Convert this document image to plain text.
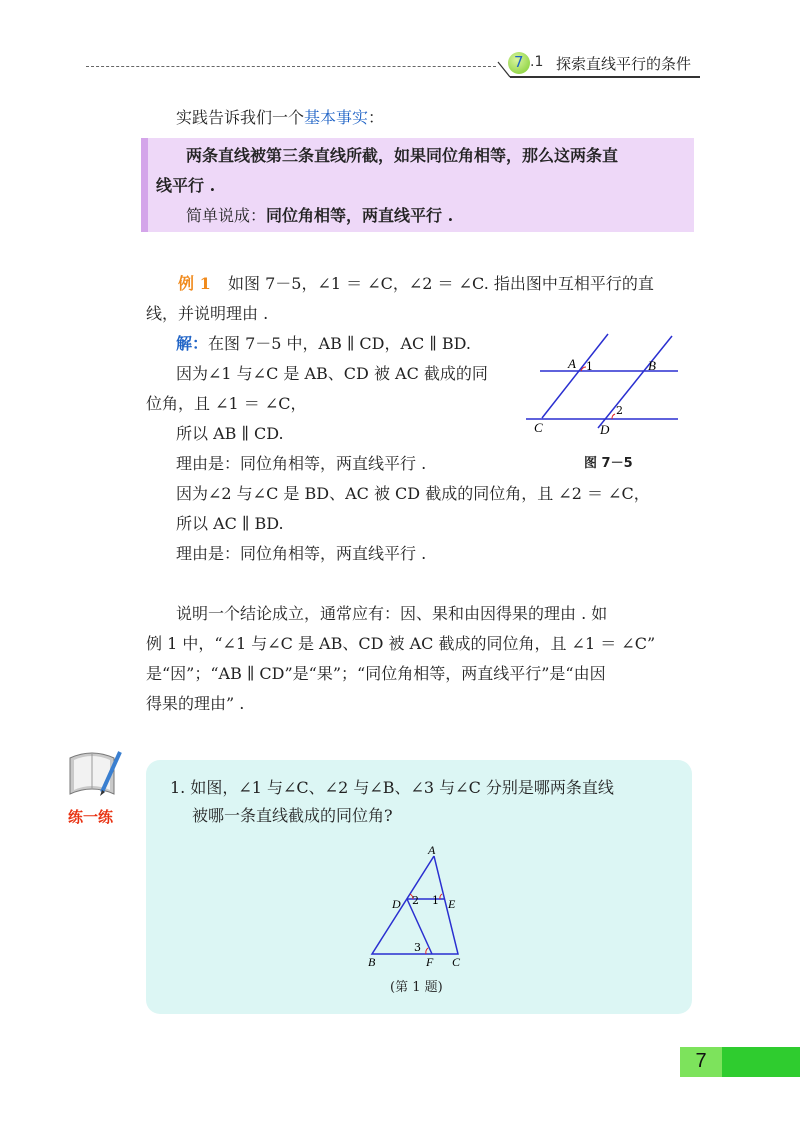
7 .1 探索直线平行的条件
实践告诉我们一个基本事实：
两条直线被第三条直线所截，如果同位角相等，那么这两条直
线平行 .
简单说成：同位角相等，两直线平行 .
例 1 如图 7－5，∠1 ＝ ∠C，∠2 ＝ ∠C. 指出图中互相平行的直
线，并说明理由 .
解：在图 7－5 中，AB ∥ CD，AC ∥ BD.
因为∠1 与∠C 是 AB、CD 被 AC 截成的同
位角，且 ∠1 ＝ ∠C，
所以 AB ∥ CD.
理由是：同位角相等，两直线平行 .
因为∠2 与∠C 是 BD、AC 被 CD 截成的同位角，且 ∠2 ＝ ∠C，
所以 AC ∥ BD.
理由是：同位角相等，两直线平行 .
A 1	B
2
C	D
图 7－5
说明一个结论成立，通常应有：因、果和由因得果的理由 . 如
例 1 中，“∠1 与∠C 是 AB、CD 被 AC 截成的同位角，且 ∠1 ＝ ∠C”
是“因”；“AB ∥ CD”是“果”；“同位角相等，两直线平行”是“由因
得果的理由” .
练一练
1. 如图，∠1 与∠C、∠2 与∠B、∠3 与∠C 分别是哪两条直线
被哪一条直线截成的同位角?
A
D 2 1 E
3
B	F C
(第 1 题)
7
